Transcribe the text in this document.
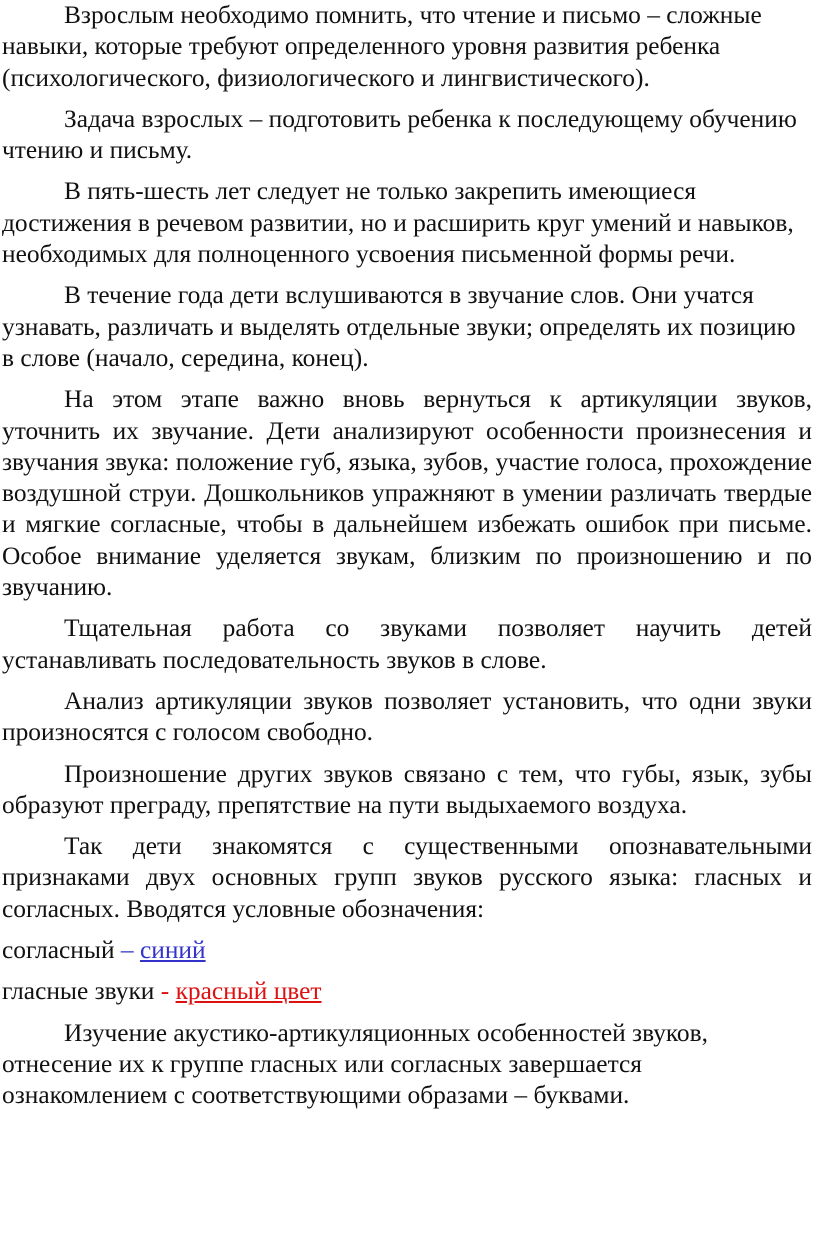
Взрослым необходимо помнить, что чтение и письмо – сложные навыки, которые требуют определенного уровня развития ребенка (психологического, физиологического и лингвистического).

Задача взрослых – подготовить ребенка к последующему обучению чтению и письму.

В пять-шесть лет следует не только закрепить имеющиеся достижения в речевом развитии, но и расширить круг умений и навыков, необходимых для полноценного усвоения письменной формы речи.

В течение года дети вслушиваются в звучание слов. Они учатся узнавать, различать и выделять отдельные звуки; определять их позицию в слове (начало, середина, конец).

На этом этапе важно вновь вернуться к артикуляции звуков, уточнить их звучание. Дети анализируют особенности произнесения и звучания звука: положение губ, языка, зубов, участие голоса, прохождение воздушной струи. Дошкольников упражняют в умении различать твердые и мягкие согласные, чтобы в дальнейшем избежать ошибок при письме. Особое внимание уделяется звукам, близким по произношению и по звучанию.

Тщательная работа со звуками позволяет научить детей устанавливать последовательность звуков в слове.

Анализ артикуляции звуков позволяет установить, что одни звуки произносятся с голосом свободно.

Произношение других звуков связано с тем, что губы, язык, зубы образуют преграду, препятствие на пути выдыхаемого воздуха.

Так дети знакомятся с существенными опознавательными признаками двух основных групп звуков русского языка: гласных и согласных. Вводятся условные обозначения:

согласный – синий

гласные звуки - красный цвет

Изучение акустико-артикуляционных особенностей звуков, отнесение их к группе гласных или согласных завершается ознакомлением с соответствующими образами – буквами.
